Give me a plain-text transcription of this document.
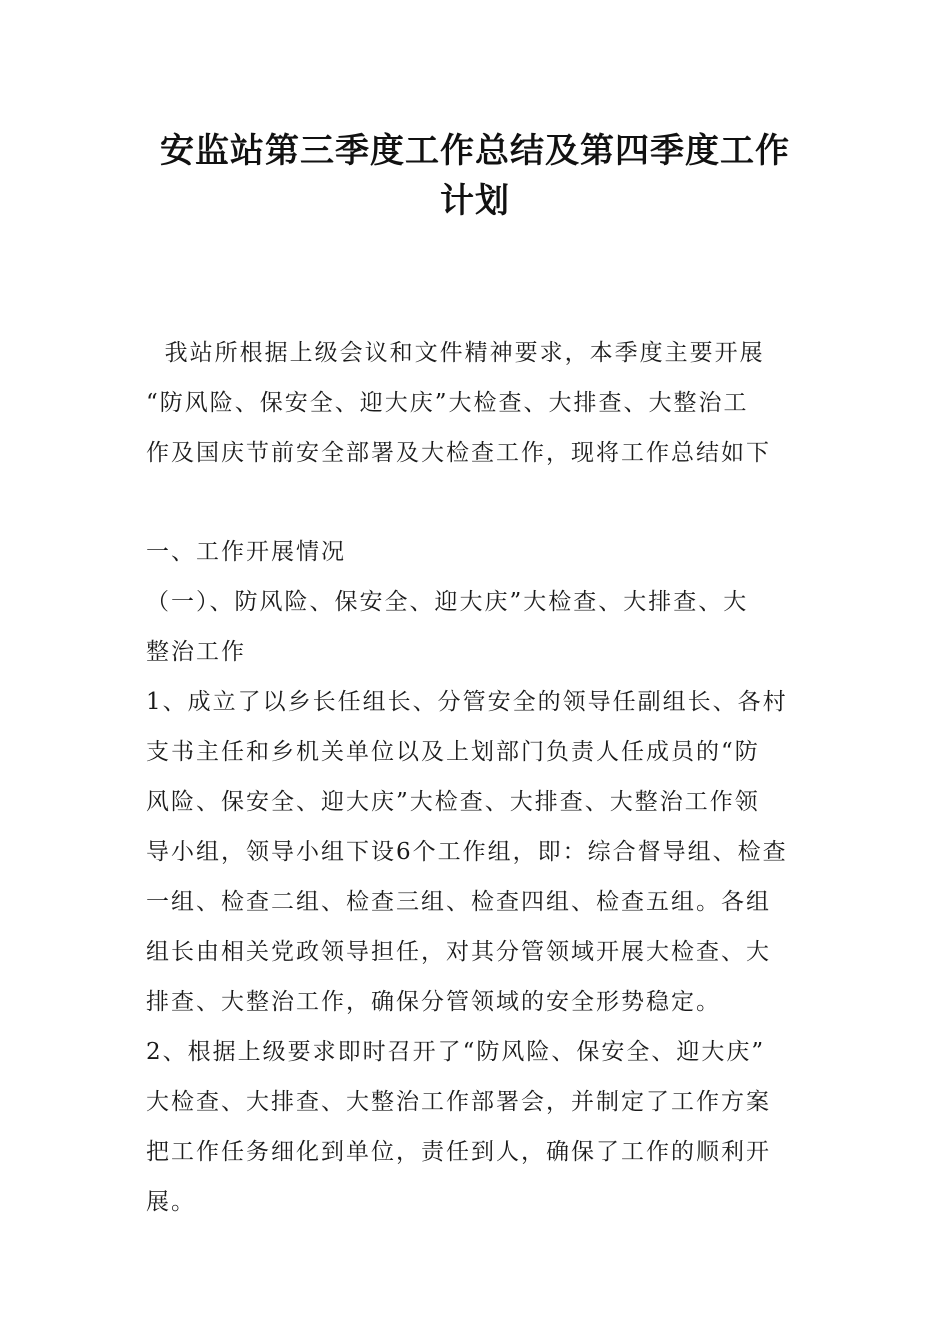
安监站第三季度工作总结及第四季度工作
计划
我站所根据上级会议和文件精神要求，本季度主要开展
“防风险、保安全、迎大庆”大检查、大排查、大整治工
作及国庆节前安全部署及大检查工作，现将工作总结如下
一、工作开展情况
（一）、防风险、保安全、迎大庆”大检查、大排查、大
整治工作
1、成立了以乡长任组长、分管安全的领导任副组长、各村
支书主任和乡机关单位以及上划部门负责人任成员的“防
风险、保安全、迎大庆”大检查、大排查、大整治工作领
导小组，领导小组下设6个工作组，即：综合督导组、检查
一组、检查二组、检查三组、检查四组、检查五组。各组
组长由相关党政领导担任，对其分管领域开展大检查、大
排查、大整治工作，确保分管领域的安全形势稳定。
2、根据上级要求即时召开了“防风险、保安全、迎大庆”
大检查、大排查、大整治工作部署会，并制定了工作方案
把工作任务细化到单位，责任到人，确保了工作的顺利开
展。
